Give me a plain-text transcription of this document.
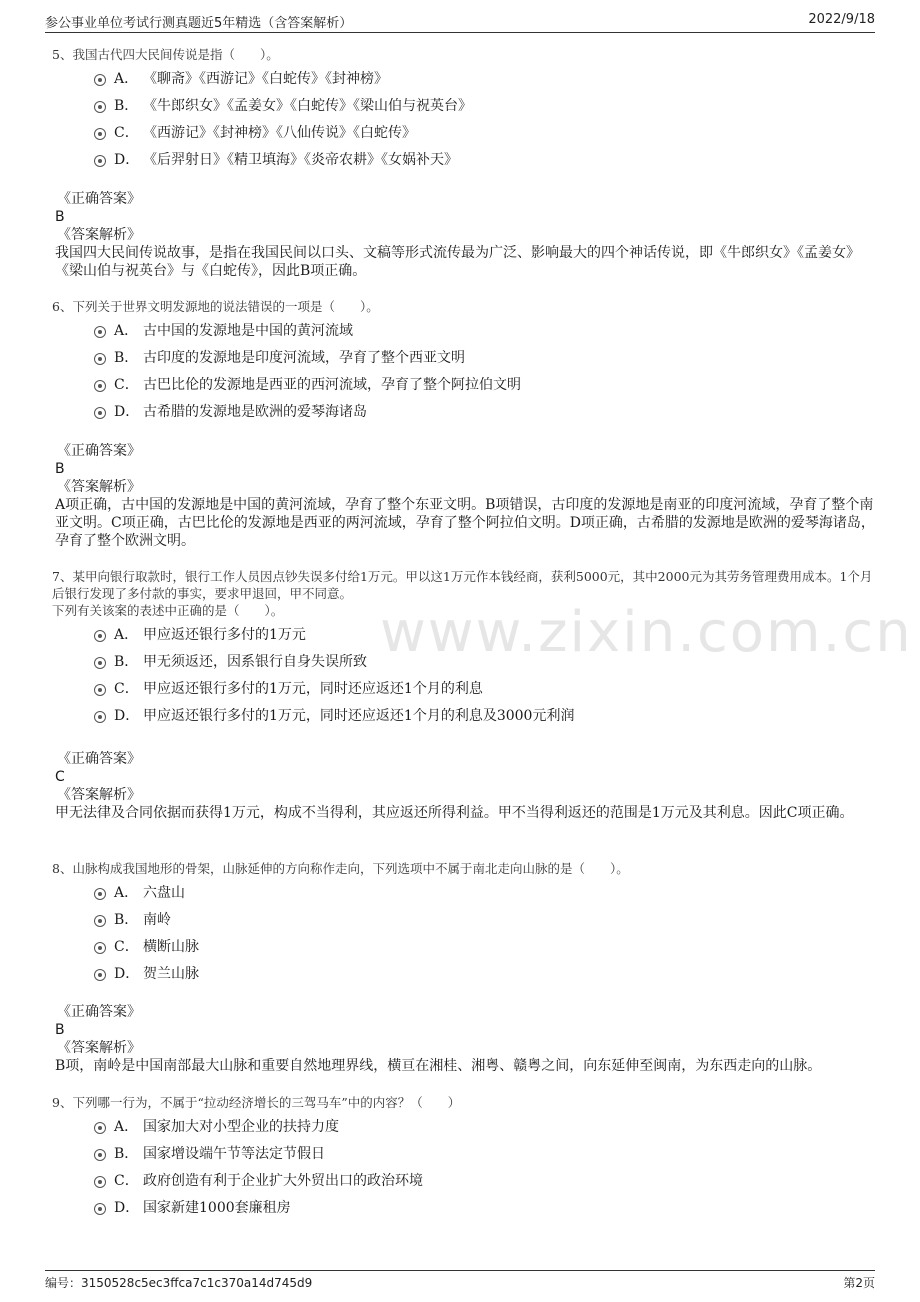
参公事业单位考试行测真题近5年精选（含答案解析）	2022/9/18
www.zixin.com.cn
5、我国古代四大民间传说是指（　　）。
A． 《聊斋》《西游记》《白蛇传》《封神榜》
B． 《牛郎织女》《孟姜女》《白蛇传》《梁山伯与祝英台》
C． 《西游记》《封神榜》《八仙传说》《白蛇传》
D． 《后羿射日》《精卫填海》《炎帝农耕》《女娲补天》
《正确答案》
B
《答案解析》
我国四大民间传说故事，是指在我国民间以口头、文稿等形式流传最为广泛、影响最大的四个神话传说，即《牛郎织女》《孟姜女》《梁山伯与祝英台》与《白蛇传》，因此B项正确。
6、下列关于世界文明发源地的说法错误的一项是（　　）。
A． 古中国的发源地是中国的黄河流域
B． 古印度的发源地是印度河流域，孕育了整个西亚文明
C． 古巴比伦的发源地是西亚的西河流域，孕育了整个阿拉伯文明
D． 古希腊的发源地是欧洲的爱琴海诸岛
《正确答案》
B
《答案解析》
A项正确，古中国的发源地是中国的黄河流域，孕育了整个东亚文明。B项错误，古印度的发源地是南亚的印度河流域，孕育了整个南亚文明。C项正确，古巴比伦的发源地是西亚的两河流域，孕育了整个阿拉伯文明。D项正确，古希腊的发源地是欧洲的爱琴海诸岛，孕育了整个欧洲文明。
7、某甲向银行取款时，银行工作人员因点钞失误多付给1万元。甲以这1万元作本钱经商，获利5000元，其中2000元为其劳务管理费用成本。1个月后银行发现了多付款的事实，要求甲退回，甲不同意。
下列有关该案的表述中正确的是（　　）。
A． 甲应返还银行多付的1万元
B． 甲无须返还，因系银行自身失误所致
C． 甲应返还银行多付的1万元，同时还应返还1个月的利息
D． 甲应返还银行多付的1万元，同时还应返还1个月的利息及3000元利润
《正确答案》
C
《答案解析》
甲无法律及合同依据而获得1万元，构成不当得利，其应返还所得利益。甲不当得利返还的范围是1万元及其利息。因此C项正确。
8、山脉构成我国地形的骨架，山脉延伸的方向称作走向，下列选项中不属于南北走向山脉的是（　　）。
A． 六盘山
B． 南岭
C． 横断山脉
D． 贺兰山脉
《正确答案》
B
《答案解析》
B项，南岭是中国南部最大山脉和重要自然地理界线，横亘在湘桂、湘粤、赣粤之间，向东延伸至闽南，为东西走向的山脉。
9、下列哪一行为，不属于“拉动经济增长的三驾马车”中的内容？（　　）
A． 国家加大对小型企业的扶持力度
B． 国家增设端午节等法定节假日
C． 政府创造有利于企业扩大外贸出口的政治环境
D． 国家新建1000套廉租房
编号：3150528c5ec3ffca7c1c370a14d745d9	第2页
